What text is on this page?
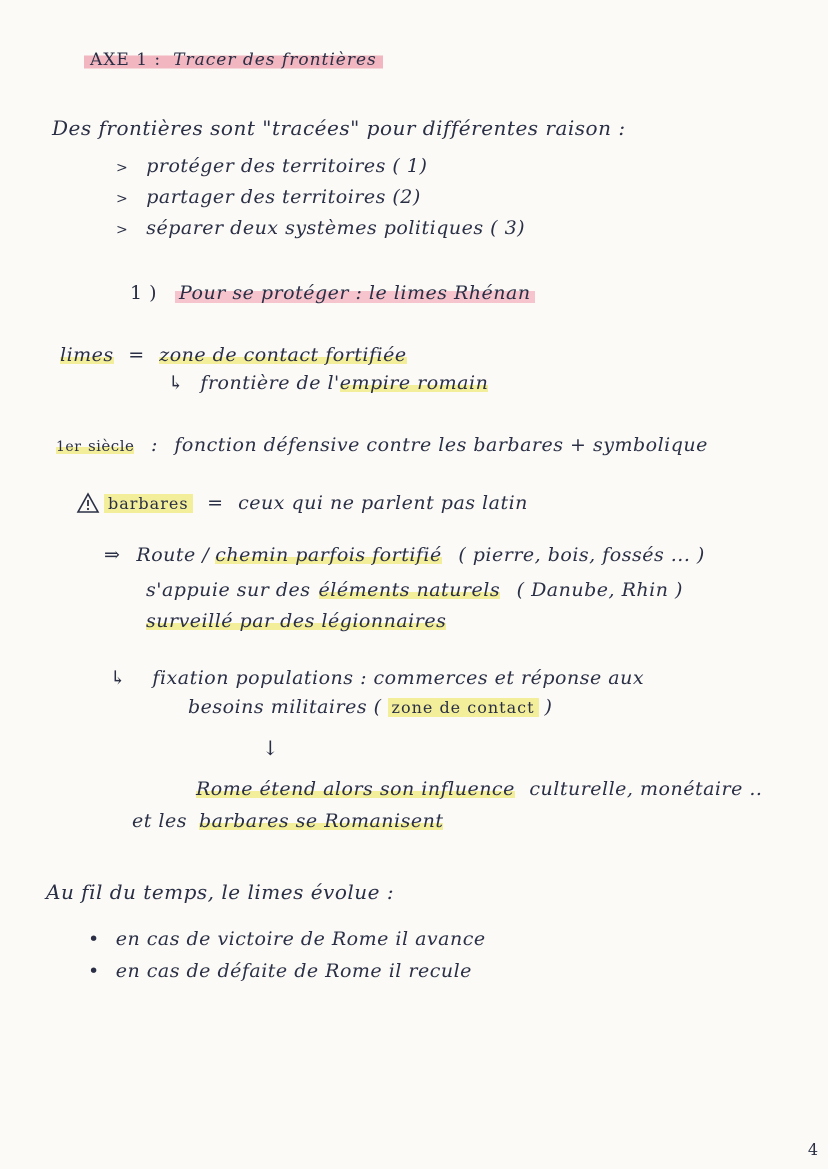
AXE 1 : Tracer des frontières
Des frontières sont "tracées" pour différentes raison :
> protéger des territoires ( 1)
> partager des territoires (2)
> séparer deux systèmes politiques ( 3)
1 ) Pour se protéger : le limes Rhénan
limes = zone de contact fortifiée
↳ frontière de l'empire romain
1er siècle : fonction défensive contre les barbares + symbolique
barbares = ceux qui ne parlent pas latin
⇒ Route / chemin parfois fortifié ( pierre, bois, fossés ... )
s'appuie sur des éléments naturels ( Danube, Rhin )
surveillé par des légionnaires
↳ fixation populations : commerces et réponse aux
besoins militaires ( zone de contact )
↓
Rome étend alors son influence culturelle, monétaire ..
et les barbares se Romanisent
Au fil du temps, le limes évolue :
• en cas de victoire de Rome il avance
• en cas de défaite de Rome il recule
4
